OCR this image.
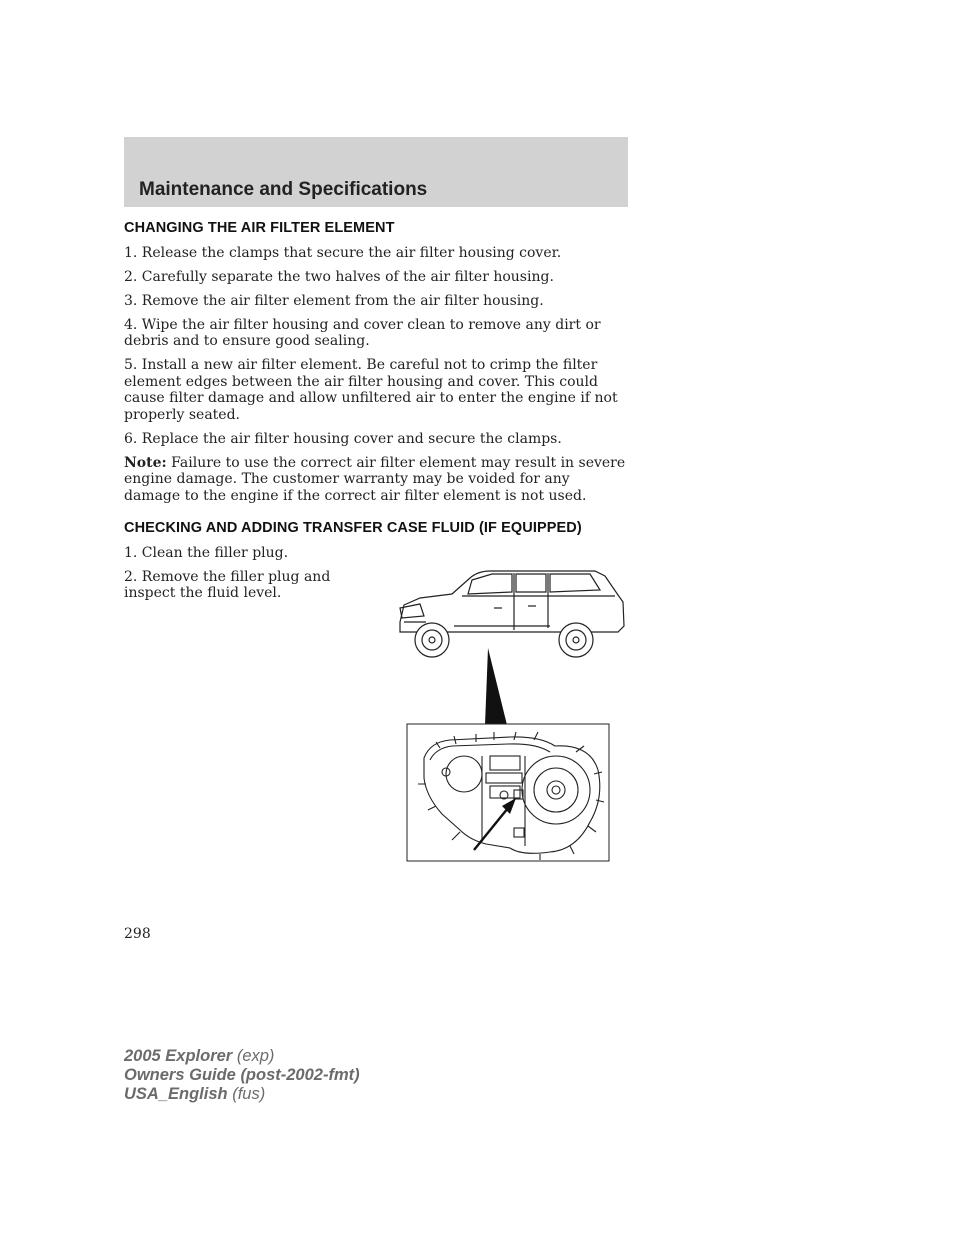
Maintenance and Specifications
CHANGING THE AIR FILTER ELEMENT

1. Release the clamps that secure the air filter housing cover.

2. Carefully separate the two halves of the air filter housing.

3. Remove the air filter element from the air filter housing.

4. Wipe the air filter housing and cover clean to remove any dirt or debris and to ensure good sealing.

5. Install a new air filter element. Be careful not to crimp the filter element edges between the air filter housing and cover. This could cause filter damage and allow unfiltered air to enter the engine if not properly seated.

6. Replace the air filter housing cover and secure the clamps.

Note: Failure to use the correct air filter element may result in severe engine damage. The customer warranty may be voided for any damage to the engine if the correct air filter element is not used.

CHECKING AND ADDING TRANSFER CASE FLUID (IF EQUIPPED)

1. Clean the filler plug.

2. Remove the filler plug and inspect the fluid level.

298
2005 Explorer (exp)
Owners Guide (post-2002-fmt)
USA_English (fus)
